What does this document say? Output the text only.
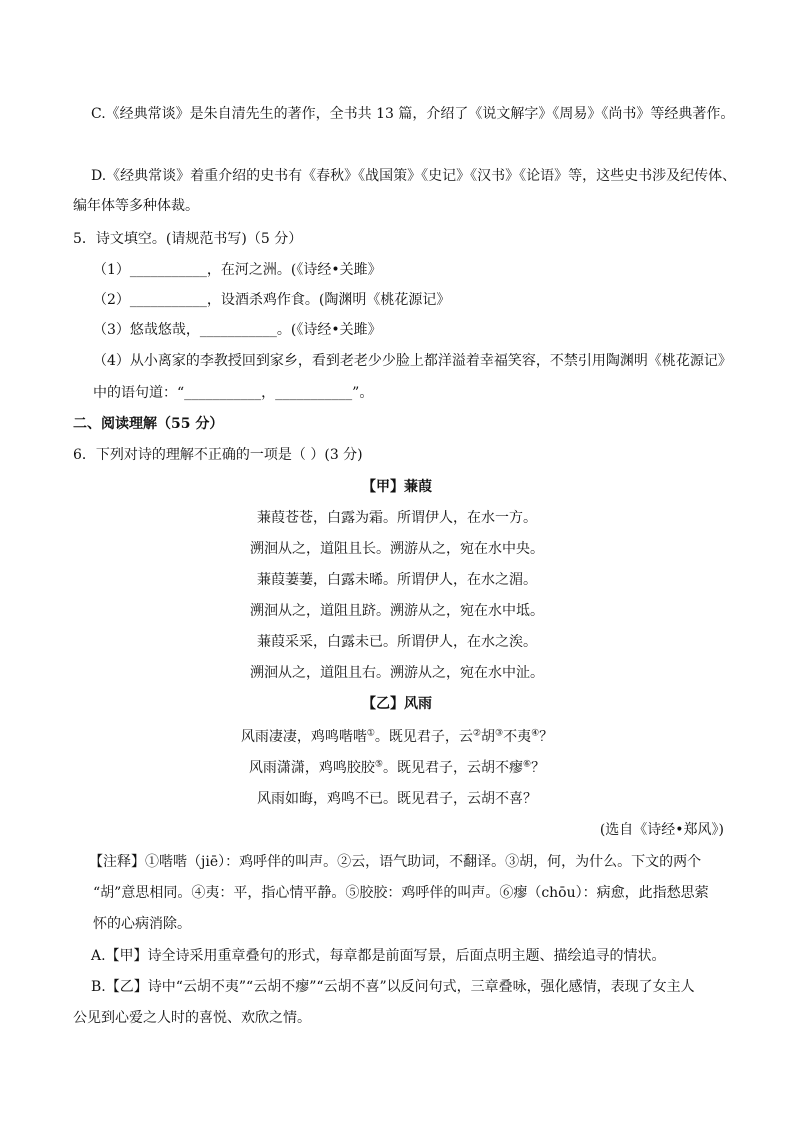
C.《经典常谈》是朱自清先生的著作，全书共 13 篇，介绍了《说文解字》《周易》《尚书》等经典著作。
D.《经典常谈》着重介绍的史书有《春秋》《战国策》《史记》《汉书》《论语》等，这些史书涉及纪传体、
编年体等多种体裁。
5．诗文填空。(请规范书写)（5 分）
（1）___________，在河之洲。(《诗经•关雎》
（2）___________，设酒杀鸡作食。(陶渊明《桃花源记》
（3）悠哉悠哉，___________。(《诗经•关雎》
（4）从小离家的李教授回到家乡，看到老老少少脸上都洋溢着幸福笑容，不禁引用陶渊明《桃花源记》
中的语句道：“___________，___________”。
二、阅读理解（55 分）
6．下列对诗的理解不正确的一项是（ ）(3 分)
【甲】蒹葭
蒹葭苍苍，白露为霜。所谓伊人，在水一方。
溯洄从之，道阻且长。溯游从之，宛在水中央。
蒹葭萋萋，白露未晞。所谓伊人，在水之湄。
溯洄从之，道阻且跻。溯游从之，宛在水中坻。
蒹葭采采，白露未已。所谓伊人，在水之涘。
溯洄从之，道阻且右。溯游从之，宛在水中沚。
【乙】风雨
风雨凄凄，鸡鸣喈喈①。既见君子，云②胡③不夷④？
风雨潇潇，鸡鸣胶胶⑤。既见君子，云胡不瘳⑥？
风雨如晦，鸡鸣不已。既见君子，云胡不喜？
(选自《诗经•郑风》)
【注释】①喈喈（jiē）：鸡呼伴的叫声。②云，语气助词，不翻译。③胡，何，为什么。下文的两个
“胡”意思相同。④夷：平，指心情平静。⑤胶胶：鸡呼伴的叫声。⑥瘳（chōu）：病愈，此指愁思萦
怀的心病消除。
A.【甲】诗全诗采用重章叠句的形式，每章都是前面写景，后面点明主题、描绘追寻的情状。
B.【乙】诗中“云胡不夷”“云胡不瘳”“云胡不喜”以反问句式，三章叠咏，强化感情，表现了女主人
公见到心爱之人时的喜悦、欢欣之情。
